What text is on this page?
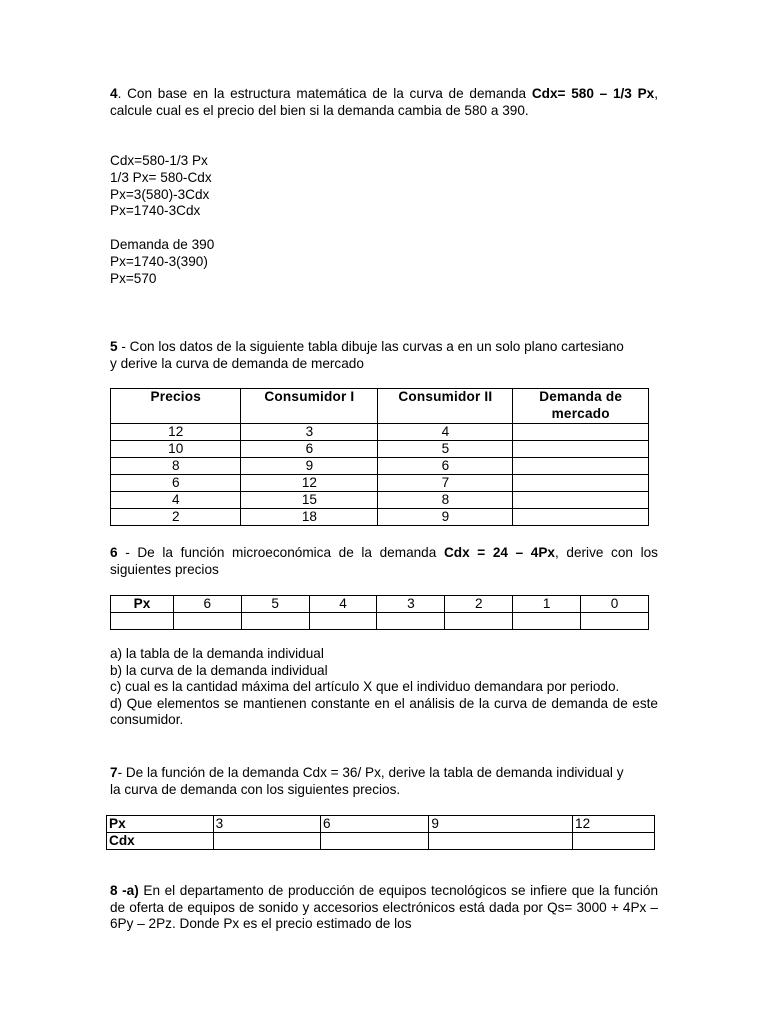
4. Con base en la estructura matemática de la curva de demanda Cdx= 580 – 1/3 Px, calcule cual es el precio del bien si la demanda cambia de 580 a 390.

Cdx=580-1/3 Px
1/3 Px= 580-Cdx
Px=3(580)-3Cdx
Px=1740-3Cdx
Demanda de 390
Px=1740-3(390)
Px=570
5 - Con los datos de la siguiente tabla dibuje las curvas a en un solo plano cartesiano y derive la curva de demanda de mercado
Precios	Consumidor I	Consumidor II	Demanda de mercado
12	3	4	
10	6	5	
8	9	6	
6	12	7	
4	15	8	
2	18	9	

6 - De la función microeconómica de la demanda Cdx = 24 – 4Px, derive con los siguientes precios

Px	6	5	4	3	2	1	0

a) la tabla de la demanda individual

b) la curva de la demanda individual

c) cual es la cantidad máxima del artículo X que el individuo demandara por periodo.

d) Que elementos se mantienen constante en el análisis de la curva de demanda de este consumidor.

7- De la función de la demanda Cdx = 36/ Px, derive la tabla de demanda individual y la curva de demanda con los siguientes precios.
Px	3	6	9	12
Cdx				

8 -a) En el departamento de producción de equipos tecnológicos se infiere que la función de oferta de equipos de sonido y accesorios electrónicos está dada por Qs= 3000 + 4Px – 6Py – 2Pz. Donde Px es el precio estimado de los
